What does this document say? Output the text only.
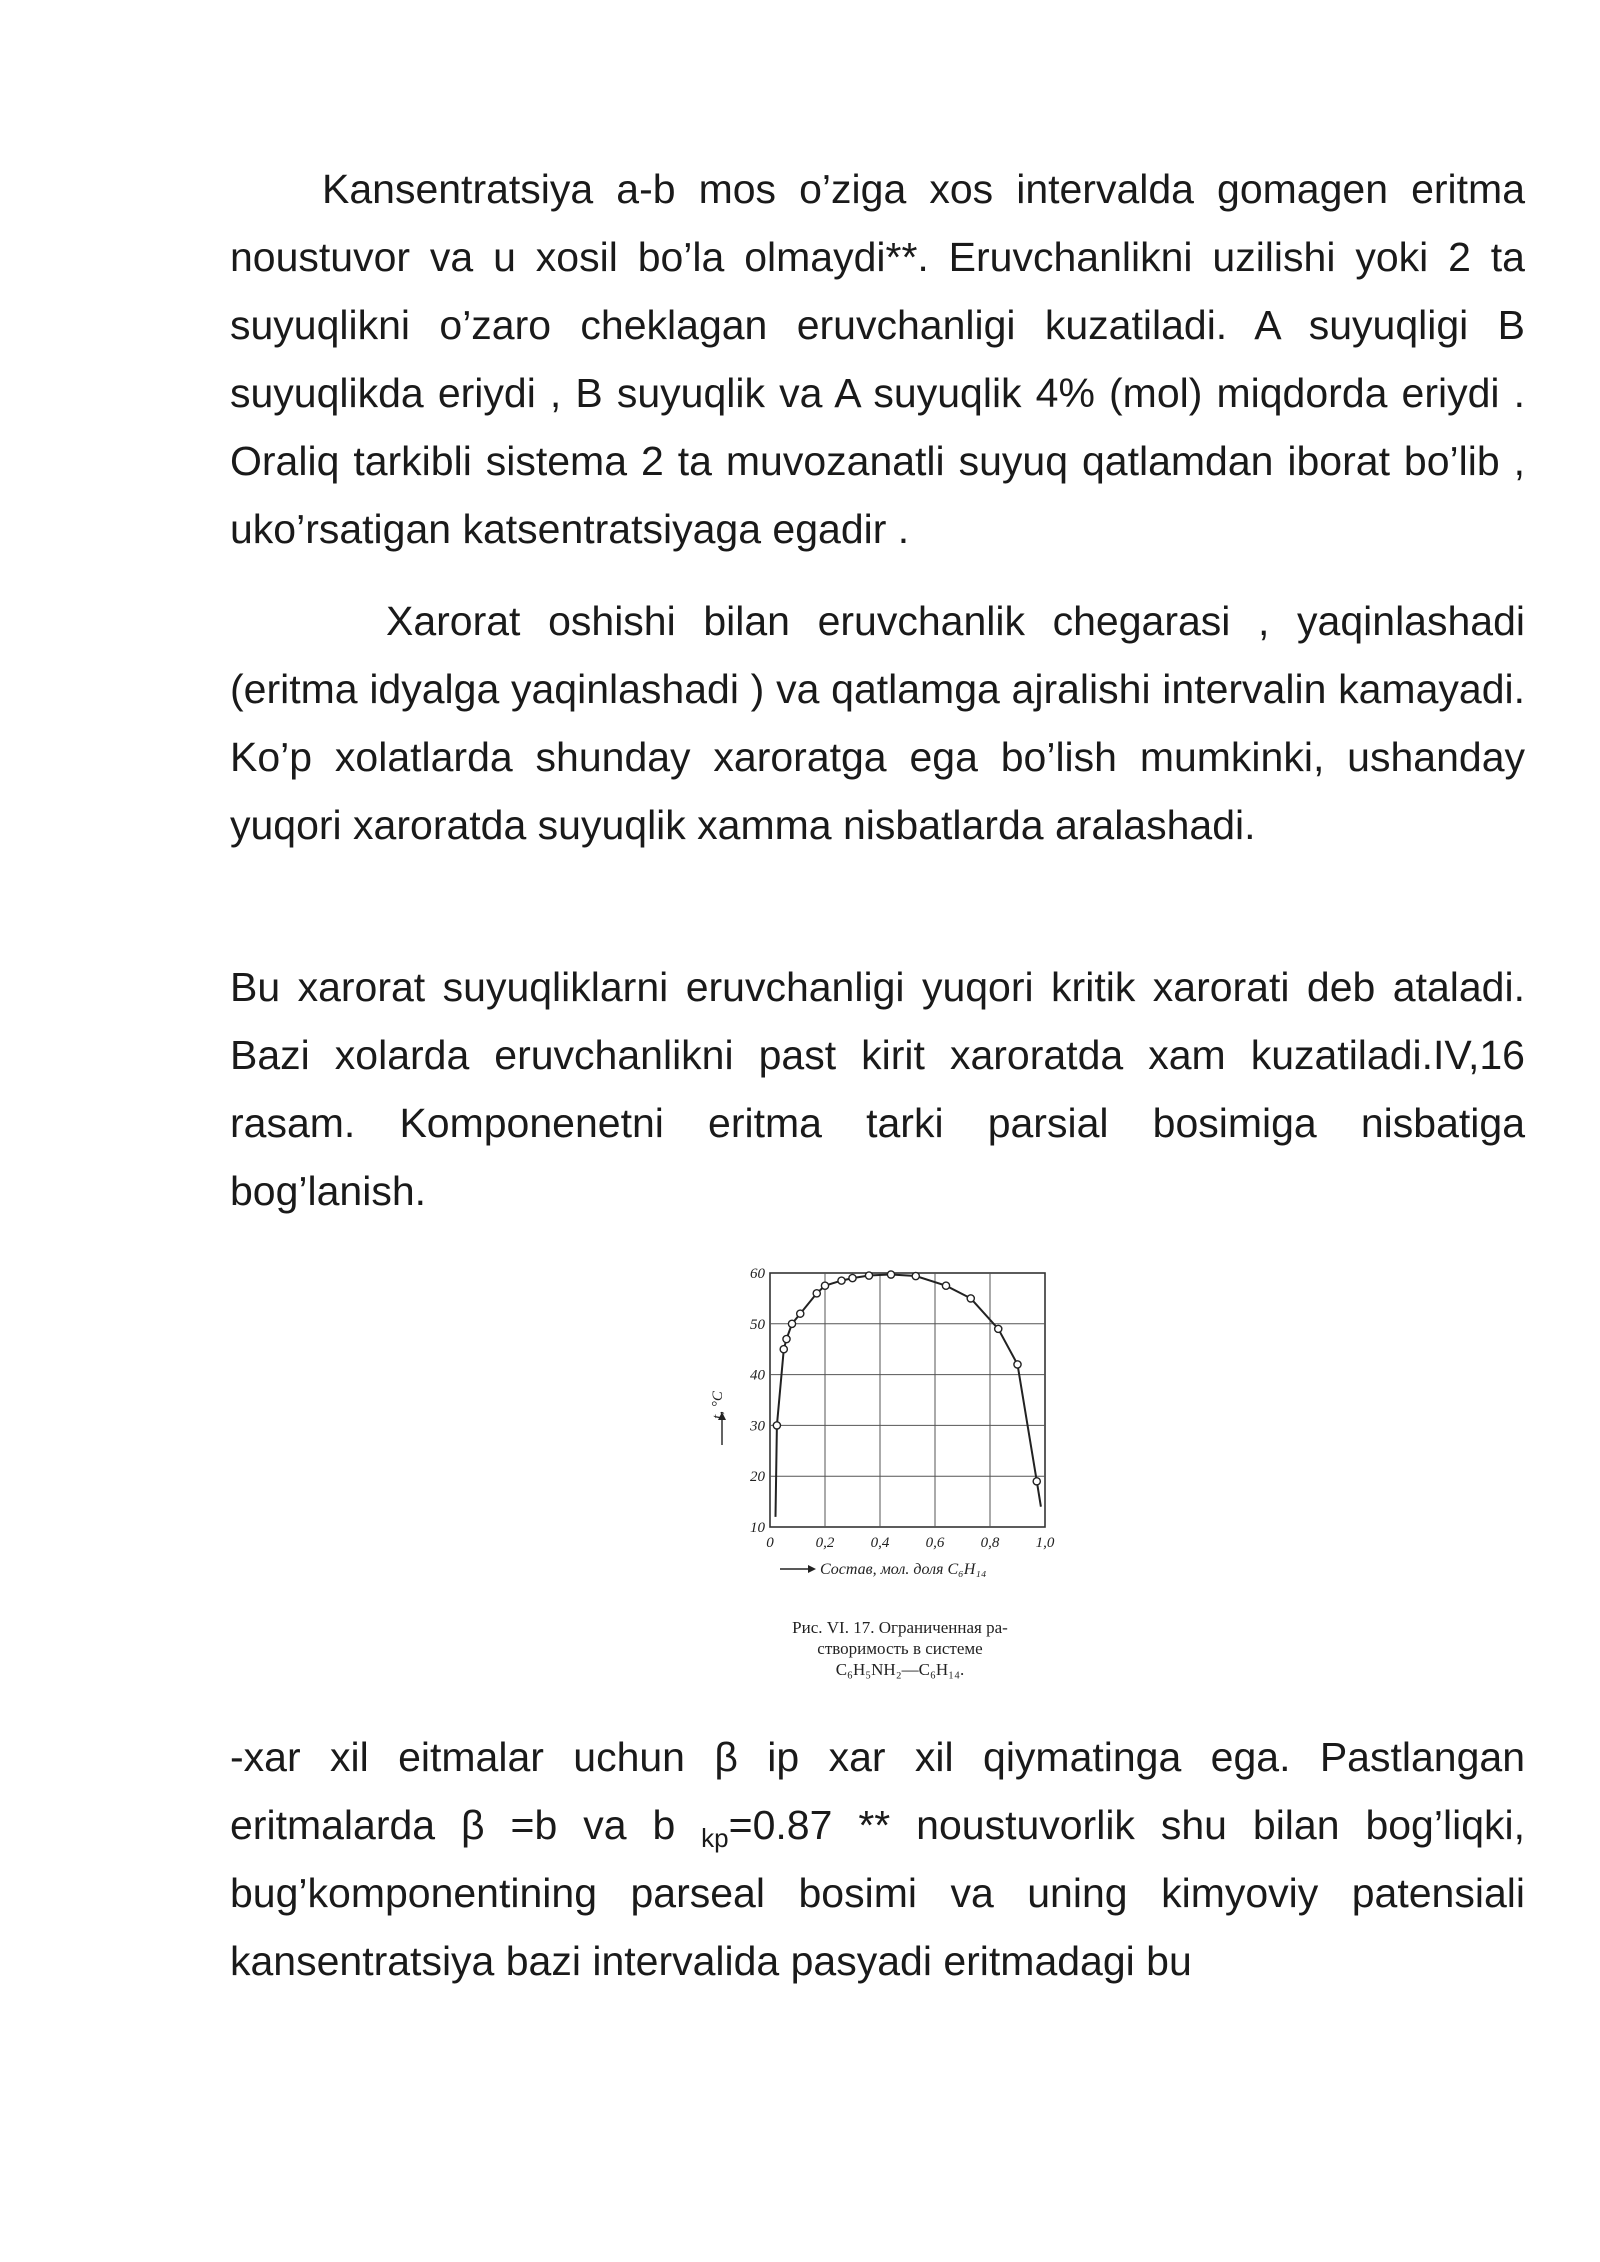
Kansentratsiya a-b mos o’ziga xos intervalda gomagen eritma noustuvor va u xosil bo’la olmaydi**. Eruvchanlikni uzilishi yoki 2 ta suyuqlikni o’zaro cheklagan eruvchanligi kuzatiladi. A suyuqligi B suyuqlikda eriydi , B suyuqlik va A suyuqlik 4% (mol) miqdorda eriydi . Oraliq tarkibli sistema 2 ta muvozanatli suyuq qatlamdan iborat bo’lib , uko’rsatigan katsentratsiyaga egadir .

Xarorat oshishi bilan eruvchanlik chegarasi , yaqinlashadi (eritma idyalga yaqinlashadi ) va qatlamga ajralishi intervalin kamayadi. Ko’p xolatlarda shunday xaroratga ega bo’lish mumkinki, ushanday yuqori xaroratda suyuqlik xamma nisbatlarda aralashadi.

Bu xarorat suyuqliklarni eruvchanligi yuqori kritik xarorati deb ataladi. Bazi xolarda eruvchanlikni past kirit xaroratda xam kuzatiladi.IV,16 rasam. Komponenetni eritma tarki parsial bosimiga nisbatiga bog’lanish.

0	0,2 0,4 0,6 0,8 1,0
10
20
30
40
50
60
Состав, мол. доля C₆H₁₄
t, °C
Рис. VI. 17. Ограниченная ра-
створимость в системе
C₆H₅NH₂—C₆H₁₄.

-xar xil eitmalar uchun β ip xar xil qiymatinga ega. Pastlangan eritmalarda β =b va b $_{kp}$=0.87 ** noustuvorlik shu bilan bog’liqki, bug’komponentining parseal bosimi va uning kimyoviy patensiali kansentratsiya bazi intervalida pasyadi eritmadagi bu
